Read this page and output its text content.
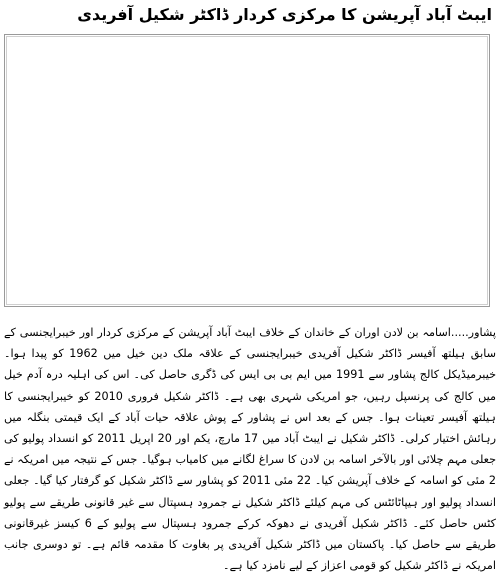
ایبٹ آباد آپریشن کا مرکزی کردار ڈاکٹر شکیل آفریدی

پشاور.....اسامہ بن لادن اوران کے خاندان کے خلاف ایبٹ آباد آپریشن کے مرکزی کردار اور خیبرایجنسی کے سابق ہیلتھ آفیسر ڈاکٹر شکیل آفریدی خیبرایجنسی کے علاقہ ملک دین خیل میں 1962 کو پیدا ہوا۔ خیبرمیڈیکل کالج پشاور سے 1991 میں ایم بی بی ایس کی ڈگری حاصل کی۔ اس کی اہلیہ درہ آدم خیل میں کالج کی پرنسپل رہیں، جو امریکی شہری بھی ہے۔ ڈاکٹر شکیل فروری 2010 کو خیبرایجنسی کا ہیلتھ آفیسر تعینات ہوا۔ جس کے بعد اس نے پشاور کے پوش علاقہ حیات آباد کے ایک قیمتی بنگلہ میں رہائش اختیار کرلی۔ ڈاکٹر شکیل نے ایبٹ آباد میں 17 مارچ، یکم اور 20 اپریل 2011 کو انسداد پولیو کی جعلی مہم چلائی اور بالآخر اسامہ بن لادن کا سراغ لگانے میں کامیاب ہوگیا۔ جس کے نتیجہ میں امریکہ نے 2 مئی کو اسامہ کے خلاف آپریشن کیا۔ 22 مئی 2011 کو پشاور سے ڈاکٹر شکیل کو گرفتار کیا گیا۔ جعلی انسداد پولیو اور ہیپاٹائٹس کی مہم کیلئے ڈاکٹر شکیل نے جمرود ہسپتال سے غیر قانونی طریقے سے پولیو کٹس حاصل کئے۔ ڈاکٹر شکیل آفریدی نے دھوکہ کرکے جمرود ہسپتال سے پولیو کے 6 کیسز غیرقانونی طریقے سے حاصل کیا۔ پاکستان میں ڈاکٹر شکیل آفریدی پر بغاوت کا مقدمہ قائم ہے۔ تو دوسری جانب امریکہ نے ڈاکٹر شکیل کو قومی اعزاز کے لیے نامزد کیا ہے۔
